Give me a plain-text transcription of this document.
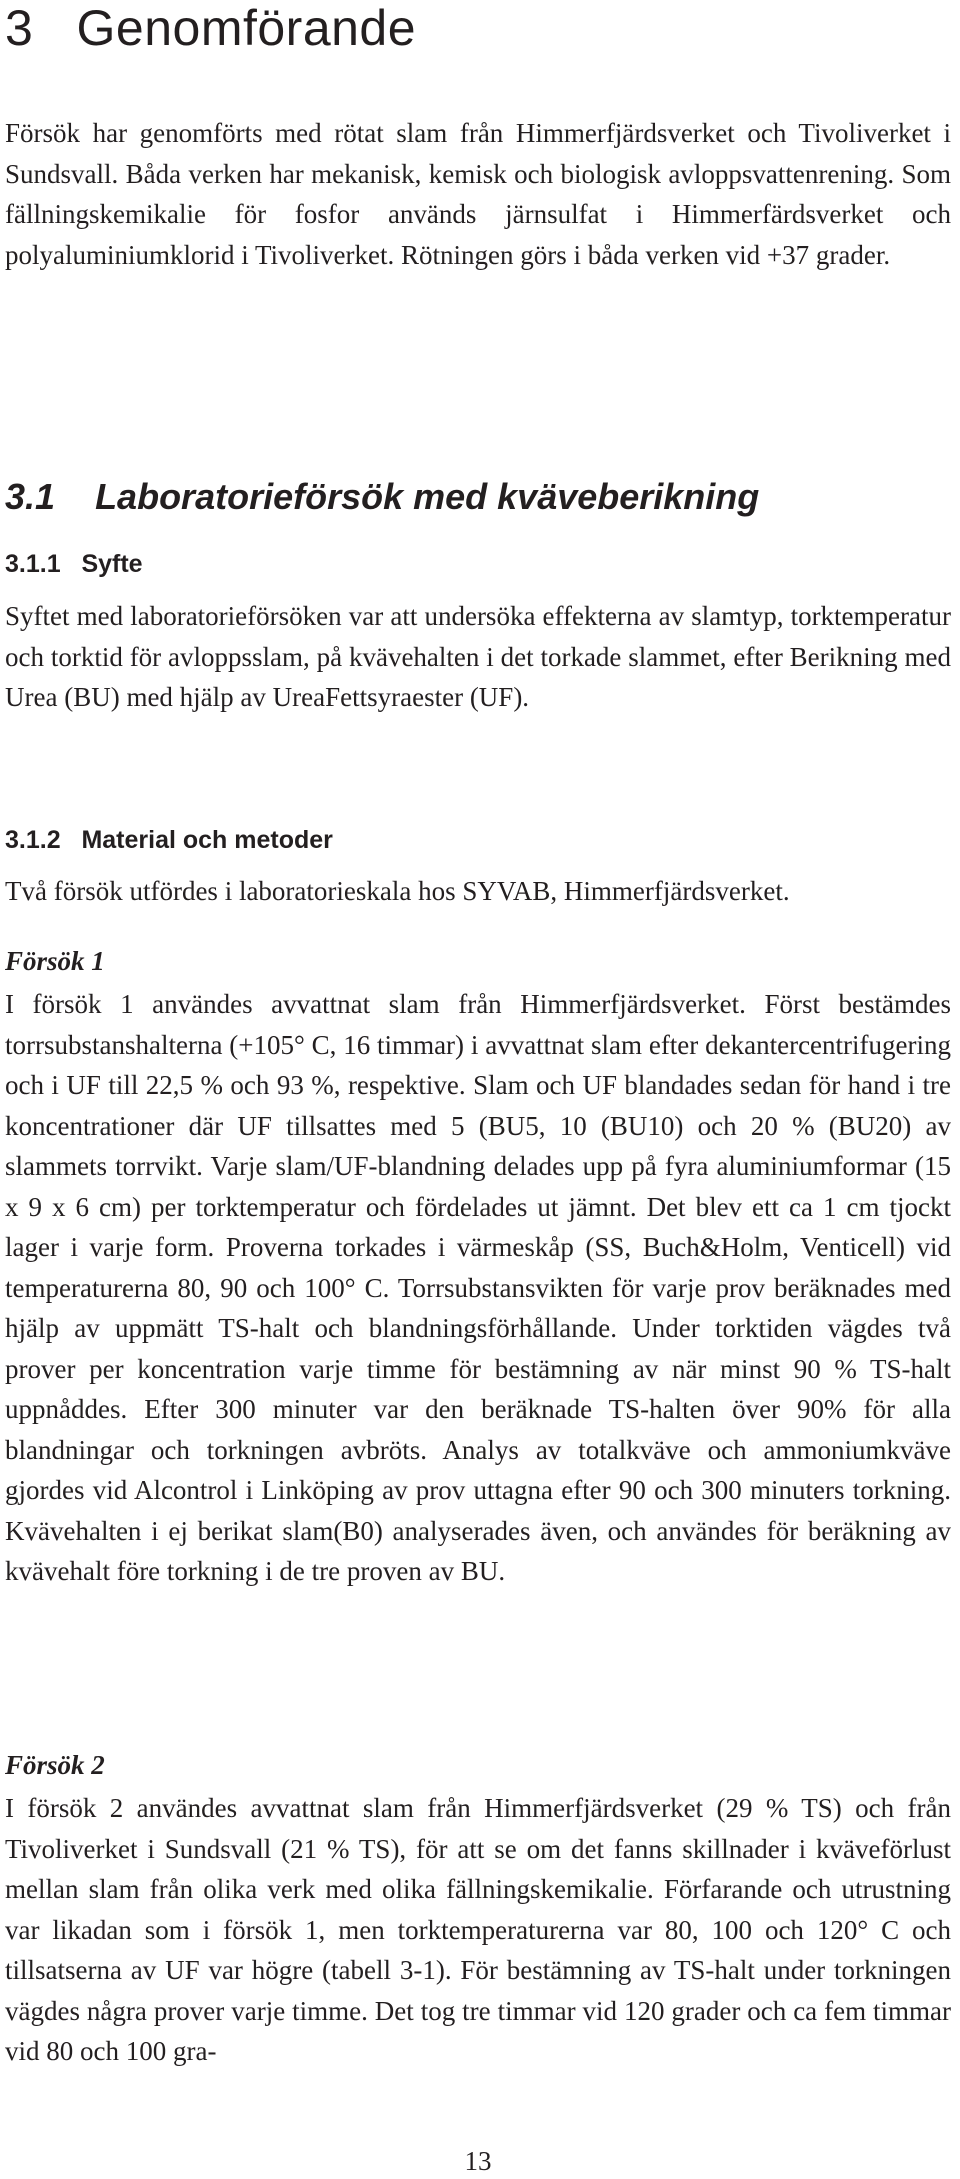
3 Genomförande

Försök har genomförts med rötat slam från Himmerfjärdsverket och Tivoliverket i Sundsvall. Båda verken har mekanisk, kemisk och biologisk avloppsvattenrening. Som fällningskemikalie för fosfor används järnsulfat i Himmerfärdsverket och polyaluminiumklorid i Tivoliverket. Rötningen görs i båda verken vid +37 grader.

3.1 Laboratorieförsök med kväveberikning
3.1.1 Syfte

Syftet med laboratorieförsöken var att undersöka effekterna av slamtyp, torktemperatur och torktid för avloppsslam, på kvävehalten i det torkade slammet, efter Berikning med Urea (BU) med hjälp av UreaFettsyraester (UF).

3.1.2 Material och metoder

Två försök utfördes i laboratorieskala hos SYVAB, Himmerfjärdsverket.

Försök 1

I försök 1 användes avvattnat slam från Himmerfjärdsverket. Först bestämdes torrsubstanshalterna (+105° C, 16 timmar) i avvattnat slam efter dekantercentrifugering och i UF till 22,5 % och 93 %, respektive. Slam och UF blandades sedan för hand i tre koncentrationer där UF tillsattes med 5 (BU5, 10 (BU10) och 20 % (BU20) av slammets torrvikt. Varje slam/UF-blandning delades upp på fyra aluminiumformar (15 x 9 x 6 cm) per torktemperatur och fördelades ut jämnt. Det blev ett ca 1 cm tjockt lager i varje form. Proverna torkades i värmeskåp (SS, Buch&Holm, Venticell) vid temperaturerna 80, 90 och 100° C. Torrsubstansvikten för varje prov beräknades med hjälp av uppmätt TS-halt och blandningsförhållande. Under torktiden vägdes två prover per koncentration varje timme för bestämning av när minst 90 % TS-halt uppnåddes. Efter 300 minuter var den beräknade TS-halten över 90% för alla blandningar och torkningen avbröts. Analys av totalkväve och ammoniumkväve gjordes vid Alcontrol i Linköping av prov uttagna efter 90 och 300 minuters torkning. Kvävehalten i ej berikat slam(B0) analyserades även, och användes för beräkning av kvävehalt före torkning i de tre proven av BU.

Försök 2

I försök 2 användes avvattnat slam från Himmerfjärdsverket (29 % TS) och från Tivoliverket i Sundsvall (21 % TS), för att se om det fanns skillnader i kväveförlust mellan slam från olika verk med olika fällningskemikalie. Förfarande och utrustning var likadan som i försök 1, men torktemperaturerna var 80, 100 och 120° C och tillsatserna av UF var högre (tabell 3-1). För bestämning av TS-halt under torkningen vägdes några prover varje timme. Det tog tre timmar vid 120 grader och ca fem timmar vid 80 och 100 gra-

13
